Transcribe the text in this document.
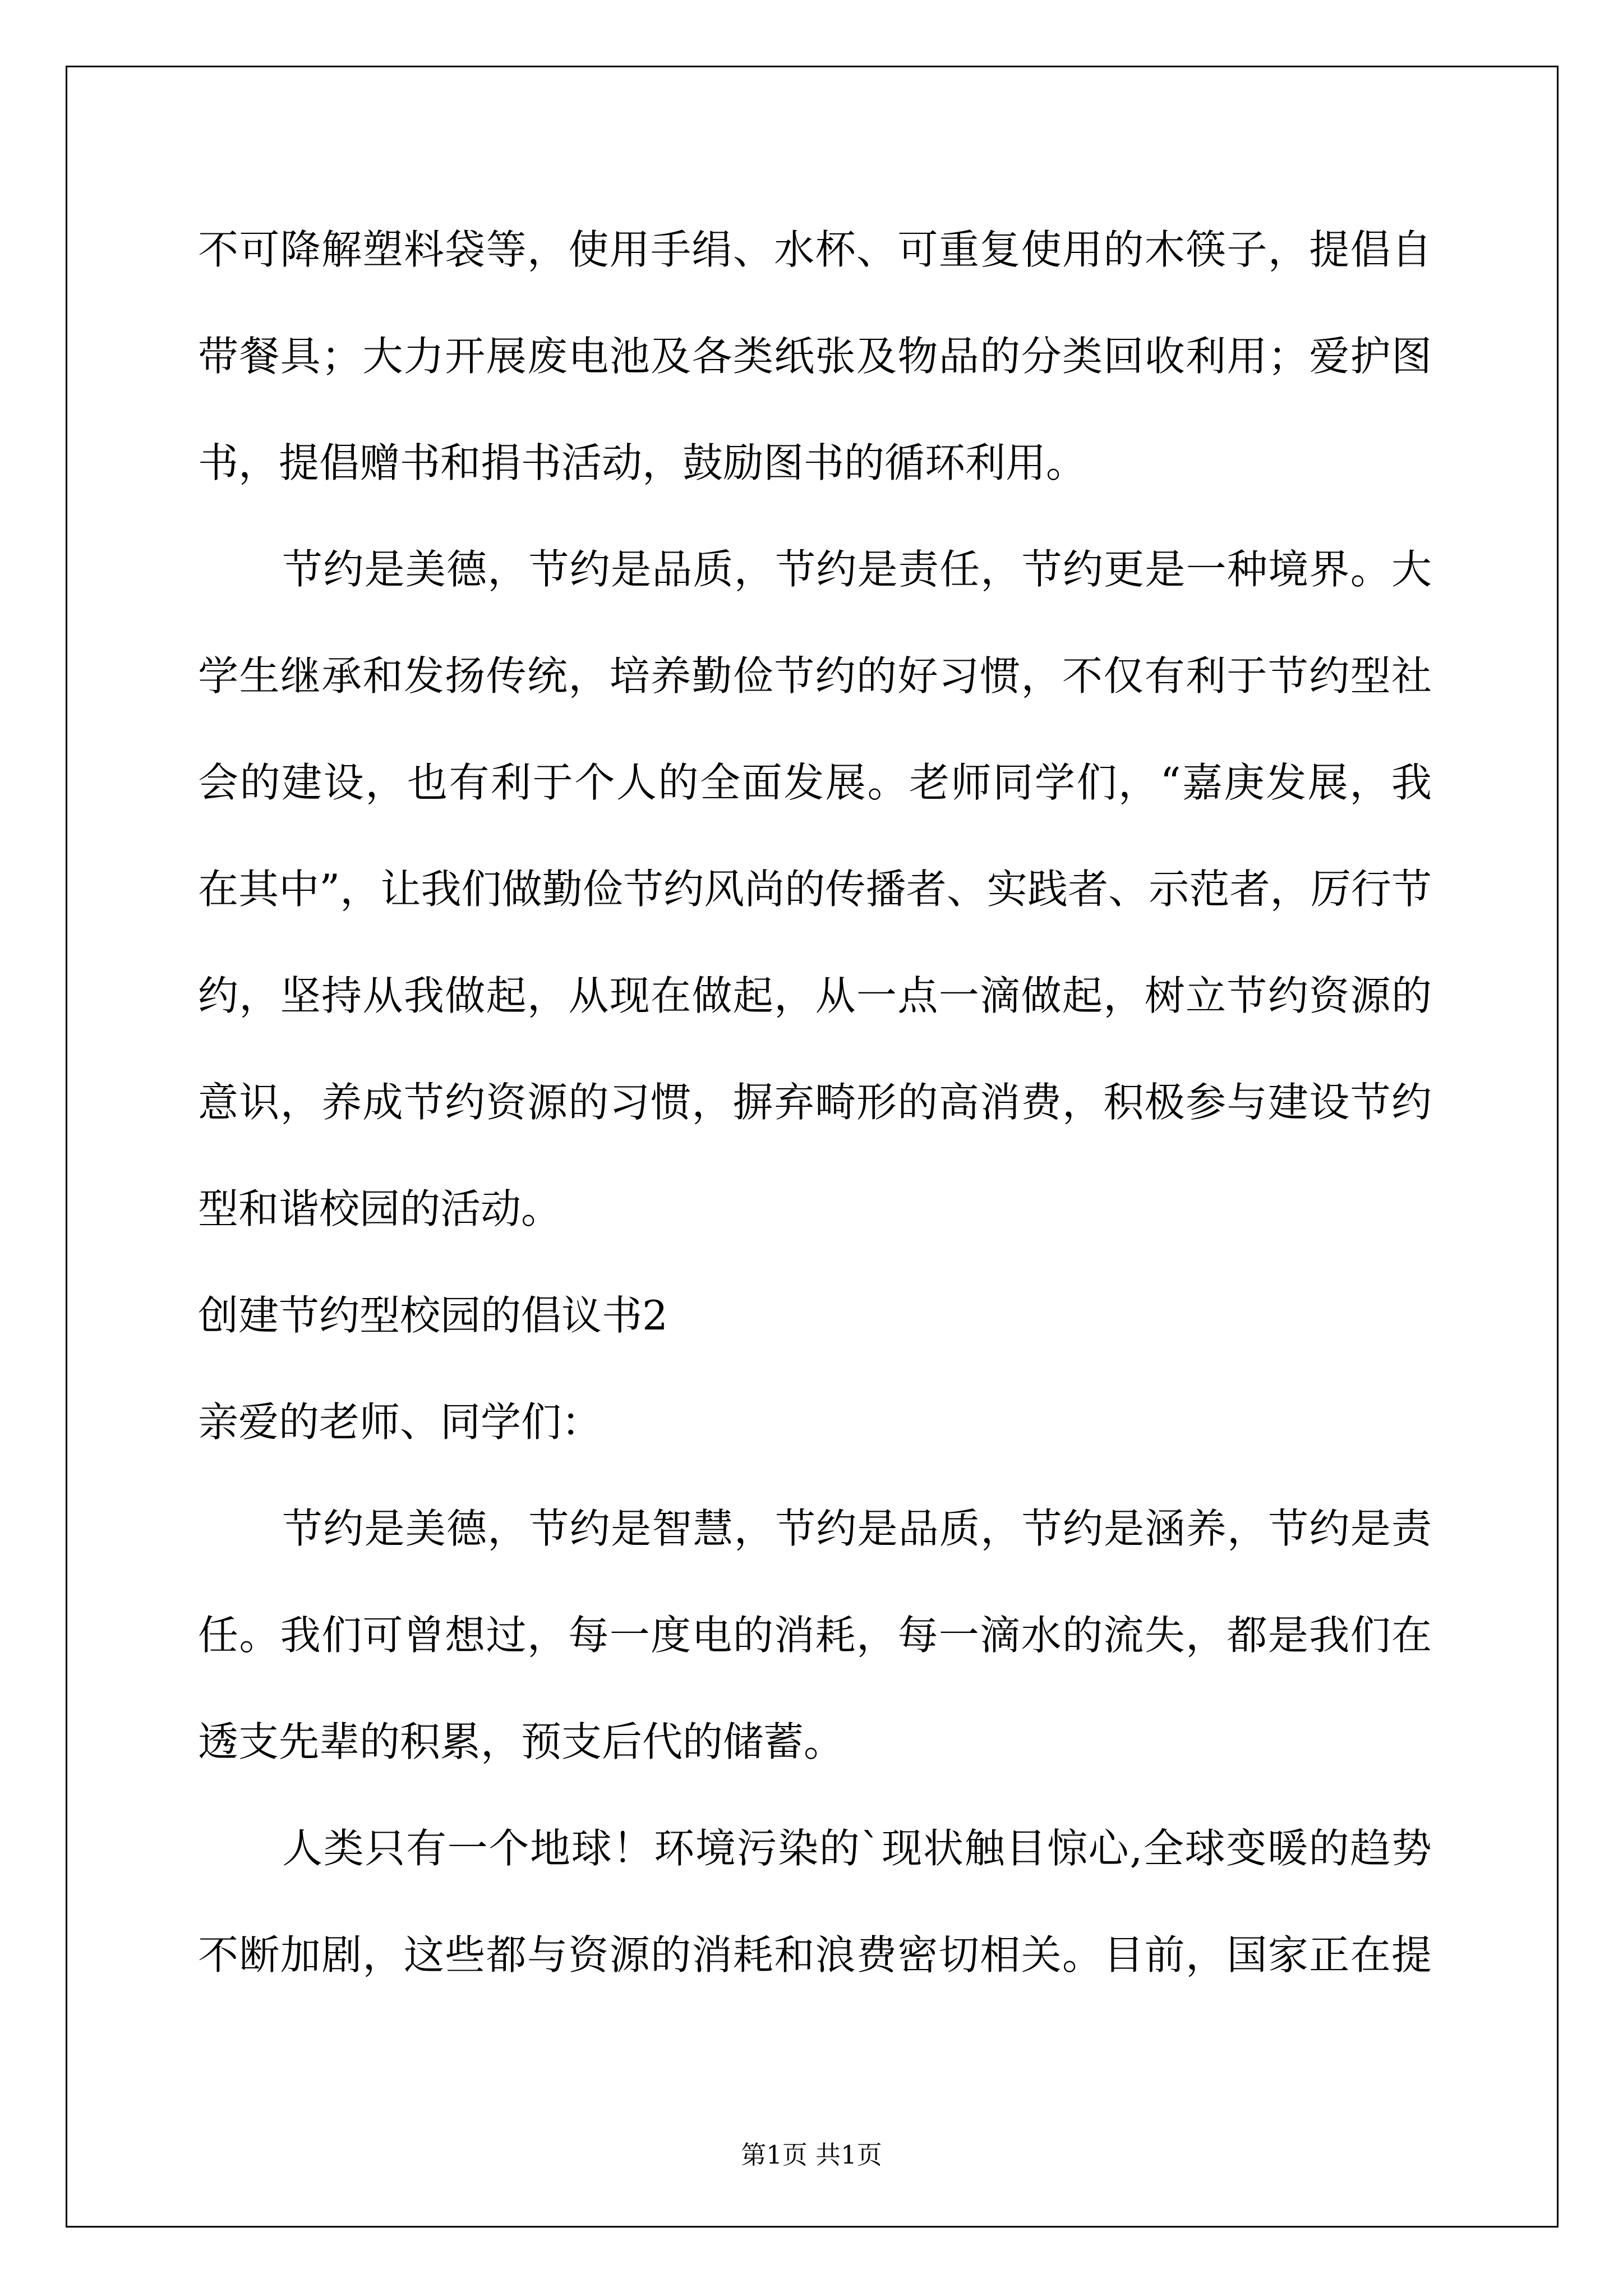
不可降解塑料袋等，使用手绢、水杯、可重复使用的木筷子，提倡自
带餐具；大力开展废电池及各类纸张及物品的分类回收利用；爱护图
书，提倡赠书和捐书活动，鼓励图书的循环利用。
节约是美德，节约是品质，节约是责任，节约更是一种境界。大
学生继承和发扬传统，培养勤俭节约的好习惯，不仅有利于节约型社
会的建设，也有利于个人的全面发展。老师同学们，“嘉庚发展，我
在其中”，让我们做勤俭节约风尚的传播者、实践者、示范者，厉行节
约，坚持从我做起，从现在做起，从一点一滴做起，树立节约资源的
意识，养成节约资源的习惯，摒弃畸形的高消费，积极参与建设节约
型和谐校园的活动。
创建节约型校园的倡议书2
亲爱的老师、同学们：
节约是美德，节约是智慧，节约是品质，节约是涵养，节约是责
任。我们可曾想过，每一度电的消耗，每一滴水的流失，都是我们在
透支先辈的积累，预支后代的储蓄。
人类只有一个地球！环境污染的`现状触目惊心,全球变暖的趋势
不断加剧，这些都与资源的消耗和浪费密切相关。目前，国家正在提
第1页 共1页
